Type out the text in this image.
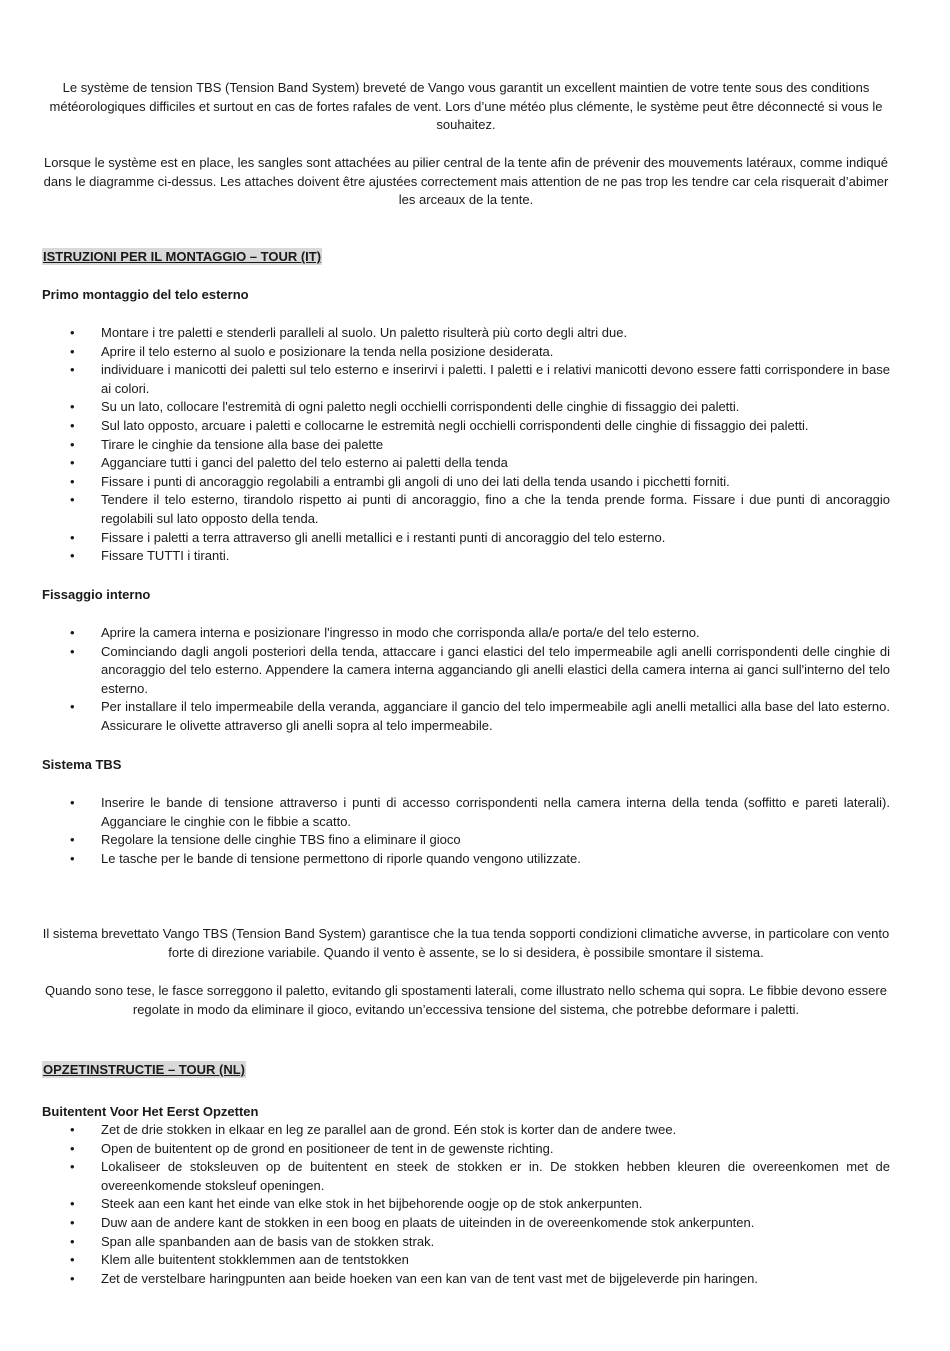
Le système de tension TBS (Tension Band System) breveté de Vango vous garantit un excellent maintien de votre tente sous des conditions météorologiques difficiles et surtout en cas de fortes rafales de vent. Lors d’une météo plus clémente, le système peut être déconnecté si vous le souhaitez.
Lorsque le système est en place, les sangles sont attachées au pilier central de la tente afin de prévenir des mouvements latéraux, comme indiqué dans le diagramme ci-dessus. Les attaches doivent être ajustées correctement mais attention de ne pas trop les tendre car cela risquerait d’abimer les arceaux de la tente.
ISTRUZIONI PER IL MONTAGGIO – TOUR (IT)
Primo montaggio del telo esterno
•	Montare i tre paletti e stenderli paralleli al suolo. Un paletto risulterà più corto degli altri due.
•	Aprire il telo esterno al suolo e posizionare la tenda nella posizione desiderata.
•	individuare i manicotti dei paletti sul telo esterno e inserirvi i paletti. I paletti e i relativi manicotti devono essere fatti corrispondere in base ai colori.
•	Su un lato, collocare l'estremità di ogni paletto negli occhielli corrispondenti delle cinghie di fissaggio dei paletti.
•	Sul lato opposto, arcuare i paletti e collocarne le estremità negli occhielli corrispondenti delle cinghie di fissaggio dei paletti.
•	Tirare le cinghie da tensione alla base dei palette
•	Agganciare tutti i ganci del paletto del telo esterno ai paletti della tenda
•	Fissare i punti di ancoraggio regolabili a entrambi gli angoli di uno dei lati della tenda usando i picchetti forniti.
•	Tendere il telo esterno, tirandolo rispetto ai punti di ancoraggio, fino a che la tenda prende forma. Fissare i due punti di ancoraggio regolabili sul lato opposto della tenda.
•	Fissare i paletti a terra attraverso gli anelli metallici e i restanti punti di ancoraggio del telo esterno.
•	Fissare TUTTI i tiranti.
Fissaggio interno
•	Aprire la camera interna e posizionare l'ingresso in modo che corrisponda alla/e porta/e del telo esterno.
•	Cominciando dagli angoli posteriori della tenda, attaccare i ganci elastici del telo impermeabile agli anelli corrispondenti delle cinghie di ancoraggio del telo esterno. Appendere la camera interna agganciando gli anelli elastici della camera interna ai ganci sull'interno del telo esterno.
•	Per installare il telo impermeabile della veranda, agganciare il gancio del telo impermeabile agli anelli metallici alla base del lato esterno. Assicurare le olivette attraverso gli anelli sopra al telo impermeabile.
Sistema TBS
•	Inserire le bande di tensione attraverso i punti di accesso corrispondenti nella camera interna della tenda (soffitto e pareti laterali). Agganciare le cinghie con le fibbie a scatto.
•	Regolare la tensione delle cinghie TBS fino a eliminare il gioco
•	Le tasche per le bande di tensione permettono di riporle quando vengono utilizzate.
Il sistema brevettato Vango TBS (Tension Band System) garantisce che la tua tenda sopporti condizioni climatiche avverse, in particolare con vento forte di direzione variabile. Quando il vento è assente, se lo si desidera, è possibile smontare il sistema.
Quando sono tese, le fasce sorreggono il paletto, evitando gli spostamenti laterali, come illustrato nello schema qui sopra. Le fibbie devono essere regolate in modo da eliminare il gioco, evitando un’eccessiva tensione del sistema, che potrebbe deformare i paletti.
OPZETINSTRUCTIE – TOUR (NL)
Buitentent Voor Het Eerst Opzetten
•	Zet de drie stokken in elkaar en leg ze parallel aan de grond. Eén stok is korter dan de andere twee.
•	Open de buitentent op de grond en positioneer de tent in de gewenste richting.
•	Lokaliseer de stoksleuven op de buitentent en steek de stokken er in. De stokken hebben kleuren die overeenkomen met de overeenkomende stoksleuf openingen.
•	Steek aan een kant het einde van elke stok in het bijbehorende oogje op de stok ankerpunten.
•	Duw aan de andere kant de stokken in een boog en plaats de uiteinden in de overeenkomende stok ankerpunten.
•	Span alle spanbanden aan de basis van de stokken strak.
•	Klem alle buitentent stokklemmen aan de tentstokken
•	Zet de verstelbare haringpunten aan beide hoeken van een kan van de tent vast met de bijgeleverde pin haringen.
